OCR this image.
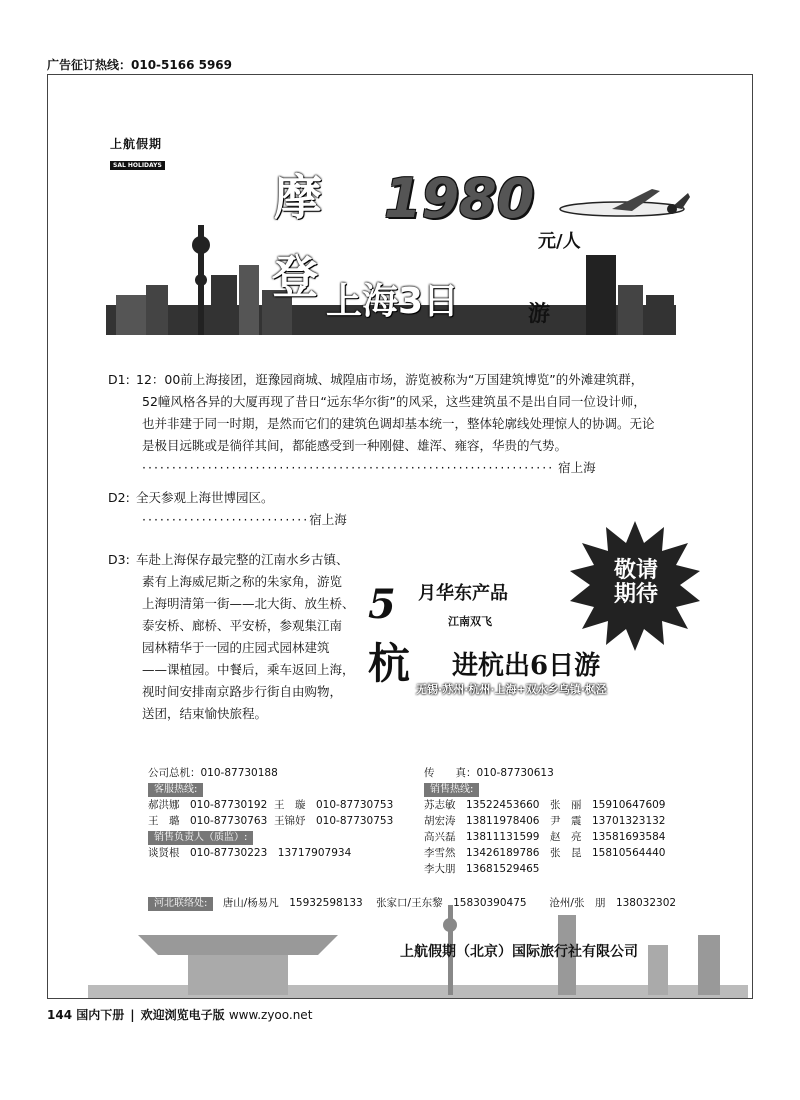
广告征订热线：010-5166 5969
上航假期
SAL HOLIDAYS
摩
登 上海3日	游
1980
元/人
D1: 12：00前上海接团，逛豫园商城、城隍庙市场，游览被称为“万国建筑博览”的外滩建筑群，
52幢风格各异的大厦再现了昔日“远东华尔街”的风采，这些建筑虽不是出自同一位设计师，
也并非建于同一时期，是然而它们的建筑色调却基本统一，整体轮廓线处理惊人的协调。无论
是极目远眺或是徜徉其间，都能感受到一种刚健、雄浑、雍容，华贵的气势。
····································································· 宿上海
D2: 全天参观上海世博园区。
····························宿上海
D3: 车赴上海保存最完整的江南水乡古镇、
素有上海威尼斯之称的朱家角，游览
上海明清第一街——北大街、放生桥、
泰安桥、廊桥、平安桥，参观集江南
园林精华于一园的庄园式园林建筑
——课植园。中餐后，乘车返回上海，
视时间安排南京路步行街自由购物，
送团，结束愉快旅程。
敬请
期待
5 月华东产品
江南双飞
杭 进杭出6日游
无锡·苏州·杭州·上海+双水乡乌镇·枫泾
公司总机：010-87730188
客服热线:
郝洪娜 010-87730192 王　璇 010-87730753
王　璐 010-87730763 王锦妤 010-87730753
销售负责人（质监）:
谈贤根　010-87730223　13717907934
传　　真：010-87730613
销售热线:
苏志敏 13522453660 张　丽 15910647609
胡宏涛 13811978406 尹　震 13701323132
高兴磊 13811131599 赵　亮 13581693584
李雪然 13426189786 张　昆 15810564440
李大朋 13681529465
河北联络处: 唐山/杨易凡　15932598133 张家口/王东黎　15830390475 沧州/张　朋　138032302
上航假期（北京）国际旅行社有限公司
144 国内下册 | 欢迎浏览电子版 www.zyoo.net
